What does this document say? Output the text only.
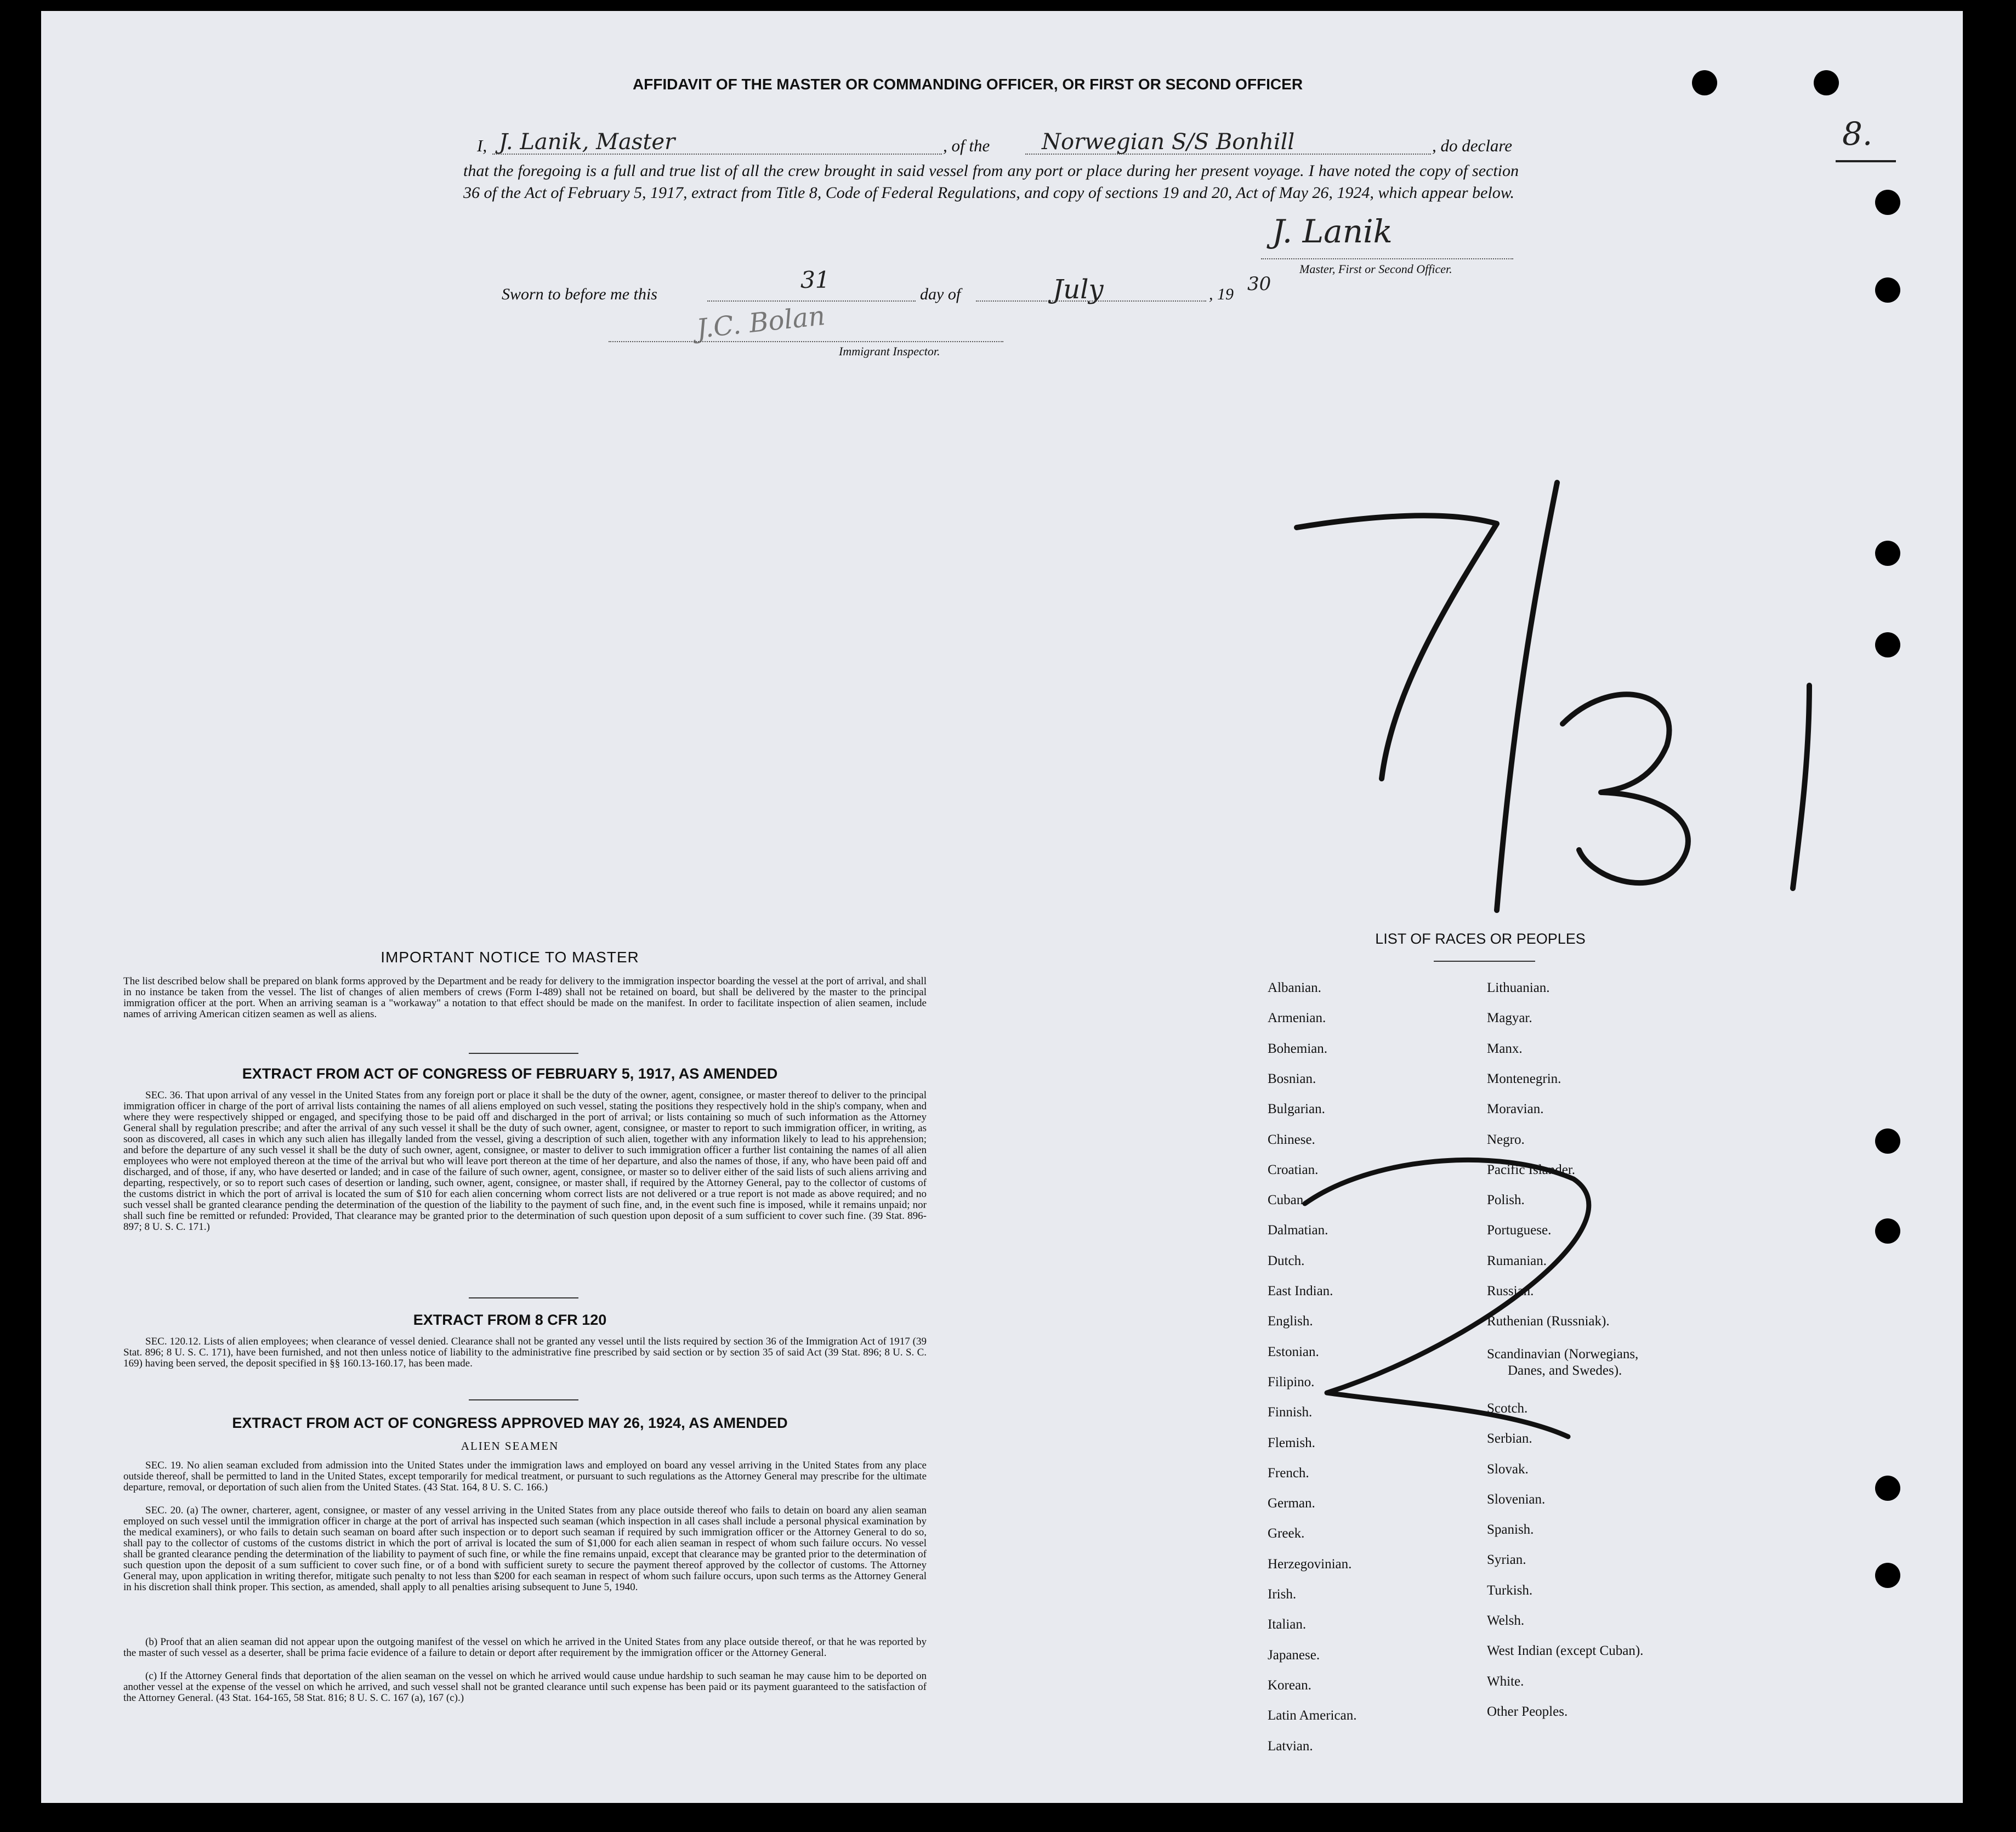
AFFIDAVIT OF THE MASTER OR COMMANDING OFFICER, OR FIRST OR SECOND OFFICER
I, J. Lanik, Master	, of the Norwegian S/S Bonhill	, do declare
that the foregoing is a full and true list of all the crew brought in said vessel from any port or place during her present voyage. I have noted the copy of section 36 of the Act of February 5, 1917, extract from Title 8, Code of Federal Regulations, and copy of sections 19 and 20, Act of May 26, 1924, which appear below.
J. Lanik
Master, First or Second Officer.
Sworn to before me this
31
day of	July	, 19 30
J.C. Bolan
Immigrant Inspector.
8.
IMPORTANT NOTICE TO MASTER
The list described below shall be prepared on blank forms approved by the Department and be ready for delivery to the immigration inspector boarding the vessel at the port of arrival, and shall in no instance be taken from the vessel. The list of changes of alien members of crews (Form I-489) shall not be retained on board, but shall be delivered by the master to the principal immigration officer at the port. When an arriving seaman is a "workaway" a notation to that effect should be made on the manifest. In order to facilitate inspection of alien seamen, include names of arriving American citizen seamen as well as aliens.
EXTRACT FROM ACT OF CONGRESS OF FEBRUARY 5, 1917, AS AMENDED
SEC. 36. That upon arrival of any vessel in the United States from any foreign port or place it shall be the duty of the owner, agent, consignee, or master thereof to deliver to the principal immigration officer in charge of the port of arrival lists containing the names of all aliens employed on such vessel, stating the positions they respectively hold in the ship's company, when and where they were respectively shipped or engaged, and specifying those to be paid off and discharged in the port of arrival; or lists containing so much of such information as the Attorney General shall by regulation prescribe; and after the arrival of any such vessel it shall be the duty of such owner, agent, consignee, or master to report to such immigration officer, in writing, as soon as discovered, all cases in which any such alien has illegally landed from the vessel, giving a description of such alien, together with any information likely to lead to his apprehension; and before the departure of any such vessel it shall be the duty of such owner, agent, consignee, or master to deliver to such immigration officer a further list containing the names of all alien employees who were not employed thereon at the time of the arrival but who will leave port thereon at the time of her departure, and also the names of those, if any, who have been paid off and discharged, and of those, if any, who have deserted or landed; and in case of the failure of such owner, agent, consignee, or master so to deliver either of the said lists of such aliens arriving and departing, respectively, or so to report such cases of desertion or landing, such owner, agent, consignee, or master shall, if required by the Attorney General, pay to the collector of customs of the customs district in which the port of arrival is located the sum of $10 for each alien concerning whom correct lists are not delivered or a true report is not made as above required; and no such vessel shall be granted clearance pending the determination of the question of the liability to the payment of such fine, and, in the event such fine is imposed, while it remains unpaid; nor shall such fine be remitted or refunded: Provided, That clearance may be granted prior to the determination of such question upon deposit of a sum sufficient to cover such fine. (39 Stat. 896-897; 8 U. S. C. 171.)
EXTRACT FROM 8 CFR 120
SEC. 120.12. Lists of alien employees; when clearance of vessel denied. Clearance shall not be granted any vessel until the lists required by section 36 of the Immigration Act of 1917 (39 Stat. 896; 8 U. S. C. 171), have been furnished, and not then unless notice of liability to the administrative fine prescribed by said section or by section 35 of said Act (39 Stat. 896; 8 U. S. C. 169) having been served, the deposit specified in §§ 160.13-160.17, has been made.
EXTRACT FROM ACT OF CONGRESS APPROVED MAY 26, 1924, AS AMENDED
ALIEN SEAMEN
SEC. 19. No alien seaman excluded from admission into the United States under the immigration laws and employed on board any vessel arriving in the United States from any place outside thereof, shall be permitted to land in the United States, except temporarily for medical treatment, or pursuant to such regulations as the Attorney General may prescribe for the ultimate departure, removal, or deportation of such alien from the United States. (43 Stat. 164, 8 U. S. C. 166.)
SEC. 20. (a) The owner, charterer, agent, consignee, or master of any vessel arriving in the United States from any place outside thereof who fails to detain on board any alien seaman employed on such vessel until the immigration officer in charge at the port of arrival has inspected such seaman (which inspection in all cases shall include a personal physical examination by the medical examiners), or who fails to detain such seaman on board after such inspection or to deport such seaman if required by such immigration officer or the Attorney General to do so, shall pay to the collector of customs of the customs district in which the port of arrival is located the sum of $1,000 for each alien seaman in respect of whom such failure occurs. No vessel shall be granted clearance pending the determination of the liability to payment of such fine, or while the fine remains unpaid, except that clearance may be granted prior to the determination of such question upon the deposit of a sum sufficient to cover such fine, or of a bond with sufficient surety to secure the payment thereof approved by the collector of customs. The Attorney General may, upon application in writing therefor, mitigate such penalty to not less than $200 for each seaman in respect of whom such failure occurs, upon such terms as the Attorney General in his discretion shall think proper. This section, as amended, shall apply to all penalties arising subsequent to June 5, 1940.
(b) Proof that an alien seaman did not appear upon the outgoing manifest of the vessel on which he arrived in the United States from any place outside thereof, or that he was reported by the master of such vessel as a deserter, shall be prima facie evidence of a failure to detain or deport after requirement by the immigration officer or the Attorney General.
(c) If the Attorney General finds that deportation of the alien seaman on the vessel on which he arrived would cause undue hardship to such seaman he may cause him to be deported on another vessel at the expense of the vessel on which he arrived, and such vessel shall not be granted clearance until such expense has been paid or its payment guaranteed to the satisfaction of the Attorney General. (43 Stat. 164-165, 58 Stat. 816; 8 U. S. C. 167 (a), 167 (c).)
LIST OF RACES OR PEOPLES
Albanian.
Armenian.
Bohemian.
Bosnian.
Bulgarian.
Chinese.
Croatian.
Cuban.
Dalmatian.
Dutch.
East Indian.
English.
Estonian.
Filipino.
Finnish.
Flemish.
French.
German.
Greek.
Herzegovinian.
Irish.
Italian.
Japanese.
Korean.
Latin American.
Latvian.
Lithuanian.
Magyar.
Manx.
Montenegrin.
Moravian.
Negro.
Pacific Islander.
Polish.
Portuguese.
Rumanian.
Russian.
Ruthenian (Russniak).
Scandinavian (Norwegians,
Danes, and Swedes).
Scotch.
Serbian.
Slovak.
Slovenian.
Spanish.
Syrian.
Turkish.
Welsh.
West Indian (except Cuban).
White.
Other Peoples.
